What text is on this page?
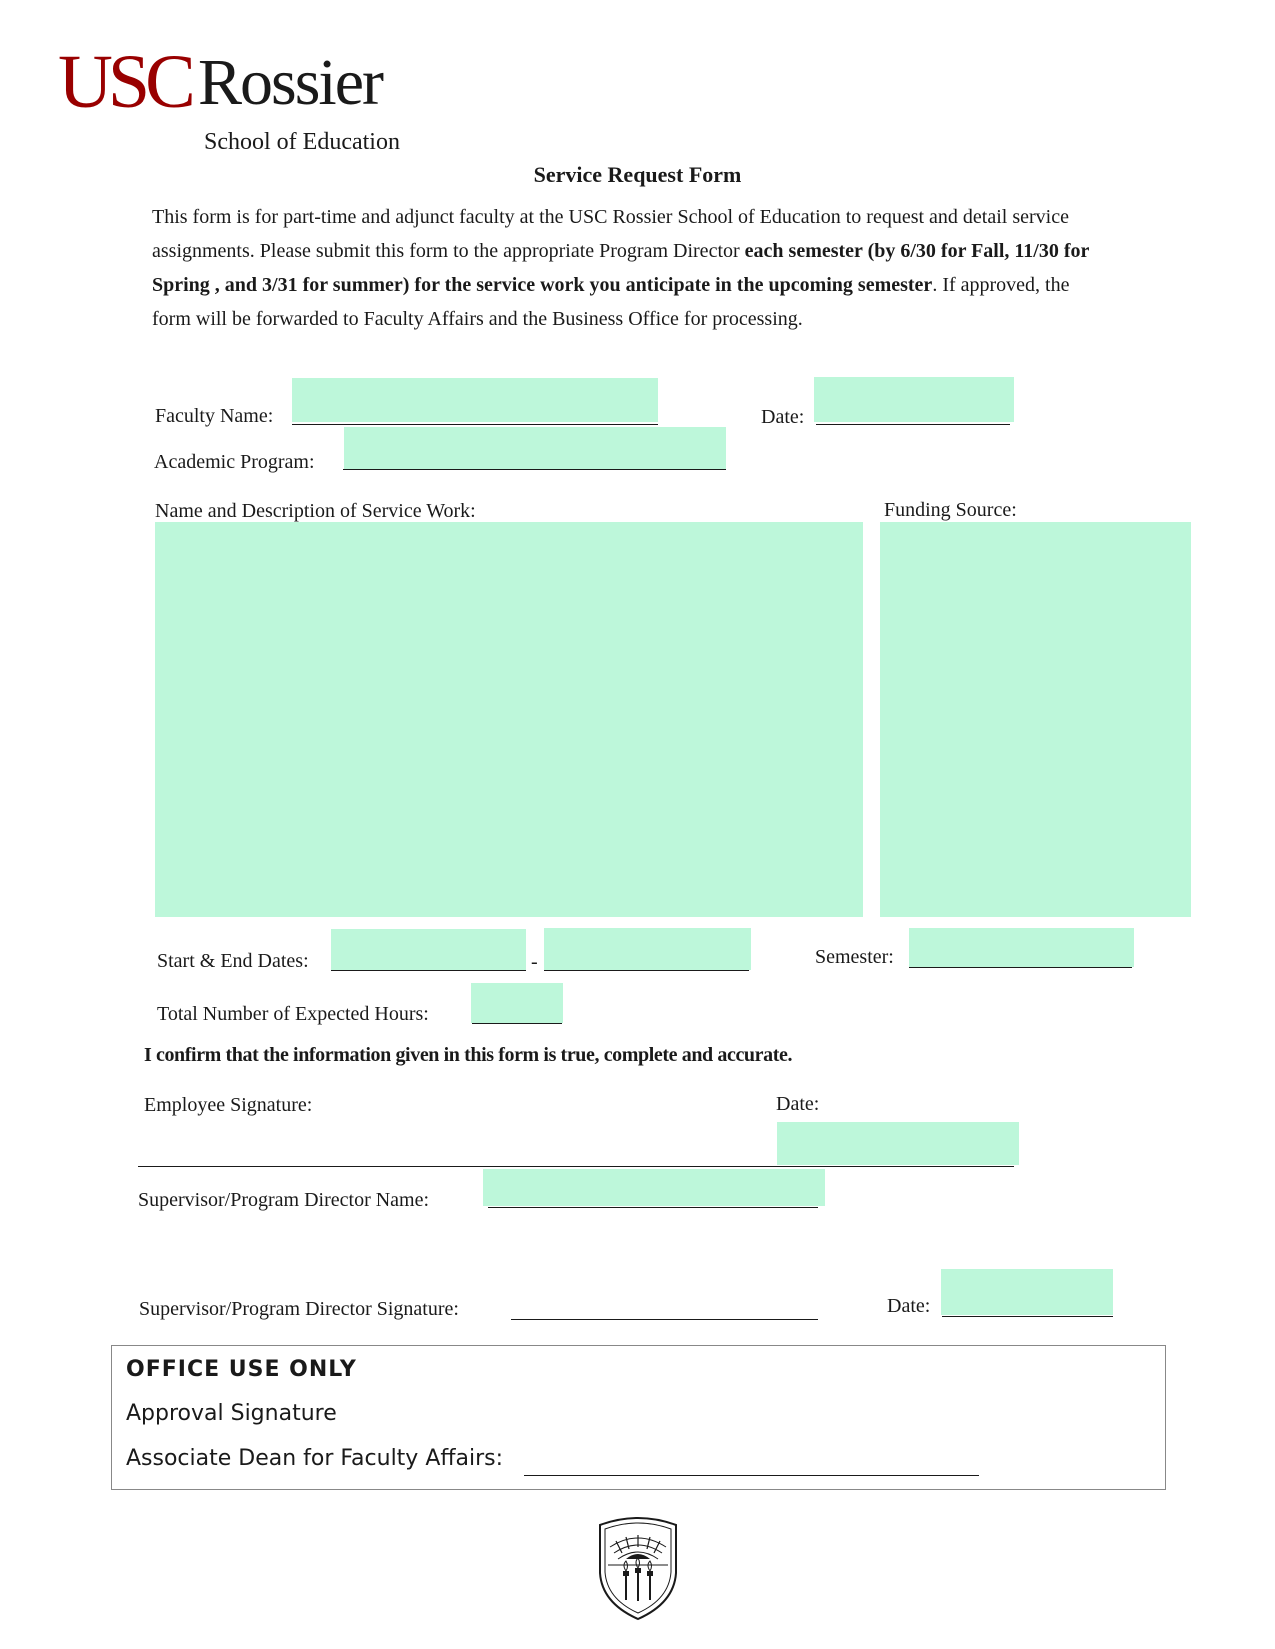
USC Rossier
School of Education
Service Request Form
This form is for part-time and adjunct faculty at the USC Rossier School of Education to request and detail service assignments. Please submit this form to the appropriate Program Director each semester (by 6/30 for Fall, 11/30 for Spring , and 3/31 for summer) for the service work you anticipate in the upcoming semester. If approved, the form will be forwarded to Faculty Affairs and the Business Office for processing.
Faculty Name:	Date:
Academic Program:
Name and Description of Service Work:	Funding Source:
Start & End Dates:	-	Semester:
Total Number of Expected Hours:
I confirm that the information given in this form is true, complete and accurate.
Employee Signature:	Date:
Supervisor/Program Director Name:
Supervisor/Program Director Signature:	Date:
OFFICE USE ONLY
Approval Signature
Associate Dean for Faculty Affairs:
